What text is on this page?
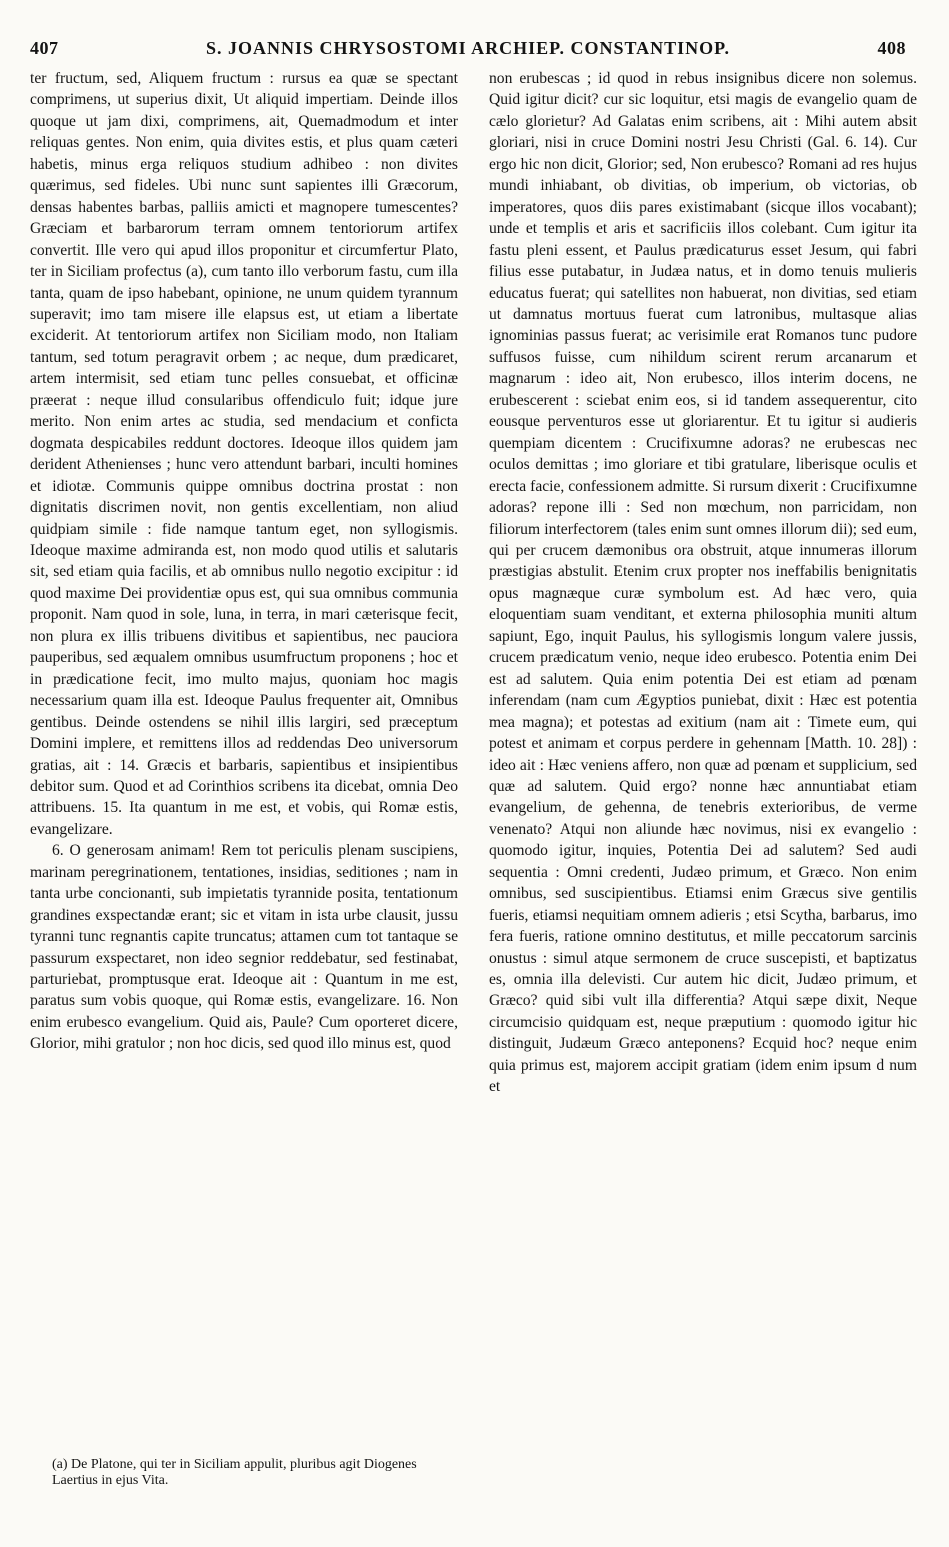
407	S. JOANNIS CHRYSOSTOMI ARCHIEP. CONSTANTINOP.	408

ter fructum, sed, Aliquem fructum : rursus ea quæ se spectant comprimens, ut superius dixit, Ut aliquid impertiam. Deinde illos quoque ut jam dixi, comprimens, ait, Quemadmodum et inter reliquas gentes. Non enim, quia divites estis, et plus quam cæteri habetis, minus erga reliquos studium adhibeo : non divites quærimus, sed fideles. Ubi nunc sunt sapientes illi Græcorum, densas habentes barbas, palliis amicti et magnopere tumescentes? Græciam et barbarorum terram omnem tentoriorum artifex convertit. Ille vero qui apud illos proponitur et circumfertur Plato, ter in Siciliam profectus (a), cum tanto illo verborum fastu, cum illa tanta, quam de ipso habebant, opinione, ne unum quidem tyrannum superavit; imo tam misere ille elapsus est, ut etiam a libertate exciderit. At tentoriorum artifex non Siciliam modo, non Italiam tantum, sed totum peragravit orbem ; ac neque, dum prædicaret, artem intermisit, sed etiam tunc pelles consuebat, et officinæ præerat : neque illud consularibus offendiculo fuit; idque jure merito. Non enim artes ac studia, sed mendacium et conficta dogmata despicabiles reddunt doctores. Ideoque illos quidem jam derident Athenienses ; hunc vero attendunt barbari, inculti homines et idiotæ. Communis quippe omnibus doctrina prostat : non dignitatis discrimen novit, non gentis excellentiam, non aliud quidpiam simile : fide namque tantum eget, non syllogismis. Ideoque maxime admiranda est, non modo quod utilis et salutaris sit, sed etiam quia facilis, et ab omnibus nullo negotio excipitur : id quod maxime Dei providentiæ opus est, qui sua omnibus communia proponit. Nam quod in sole, luna, in terra, in mari cæterisque fecit, non plura ex illis tribuens divitibus et sapientibus, nec pauciora pauperibus, sed æqualem omnibus usumfructum proponens ; hoc et in prædicatione fecit, imo multo majus, quoniam hoc magis necessarium quam illa est. Ideoque Paulus frequenter ait, Omnibus gentibus. Deinde ostendens se nihil illis largiri, sed præceptum Domini implere, et remittens illos ad reddendas Deo universorum gratias, ait : 14. Græcis et barbaris, sapientibus et insipientibus debitor sum. Quod et ad Corinthios scribens ita dicebat, omnia Deo attribuens. 15. Ita quantum in me est, et vobis, qui Romæ estis, evangelizare.

6. O generosam animam! Rem tot periculis plenam suscipiens, marinam peregrinationem, tentationes, insidias, seditiones ; nam in tanta urbe concionanti, sub impietatis tyrannide posita, tentationum grandines exspectandæ erant; sic et vitam in ista urbe clausit, jussu tyranni tunc regnantis capite truncatus; attamen cum tot tantaque se passurum exspectaret, non ideo segnior reddebatur, sed festinabat, parturiebat, promptusque erat. Ideoque ait : Quantum in me est, paratus sum vobis quoque, qui Romæ estis, evangelizare. 16. Non enim erubesco evangelium. Quid ais, Paule? Cum oporteret dicere, Glorior, mihi gratulor ; non hoc dicis, sed quod illo minus est, quod

non erubescas ; id quod in rebus insignibus dicere non solemus. Quid igitur dicit? cur sic loquitur, etsi magis de evangelio quam de cælo glorietur? Ad Galatas enim scribens, ait : Mihi autem absit gloriari, nisi in cruce Domini nostri Jesu Christi (Gal. 6. 14). Cur ergo hic non dicit, Glorior; sed, Non erubesco? Romani ad res hujus mundi inhiabant, ob divitias, ob imperium, ob victorias, ob imperatores, quos diis pares existimabant (sicque illos vocabant); unde et templis et aris et sacrificiis illos colebant. Cum igitur ita fastu pleni essent, et Paulus prædicaturus esset Jesum, qui fabri filius esse putabatur, in Judæa natus, et in domo tenuis mulieris educatus fuerat; qui satellites non habuerat, non divitias, sed etiam ut damnatus mortuus fuerat cum latronibus, multasque alias ignominias passus fuerat; ac verisimile erat Romanos tunc pudore suffusos fuisse, cum nihildum scirent rerum arcanarum et magnarum : ideo ait, Non erubesco, illos interim docens, ne erubescerent : sciebat enim eos, si id tandem assequerentur, cito eousque perventuros esse ut gloriarentur. Et tu igitur si audieris quempiam dicentem : Crucifixumne adoras? ne erubescas nec oculos demittas ; imo gloriare et tibi gratulare, liberisque oculis et erecta facie, confessionem admitte. Si rursum dixerit : Crucifixumne adoras? repone illi : Sed non mœchum, non parricidam, non filiorum interfectorem (tales enim sunt omnes illorum dii); sed eum, qui per crucem dæmonibus ora obstruit, atque innumeras illorum præstigias abstulit. Etenim crux propter nos ineffabilis benignitatis opus magnæque curæ symbolum est. Ad hæc vero, quia eloquentiam suam venditant, et externa philosophia muniti altum sapiunt, Ego, inquit Paulus, his syllogismis longum valere jussis, crucem prædicatum venio, neque ideo erubesco. Potentia enim Dei est ad salutem. Quia enim potentia Dei est etiam ad pœnam inferendam (nam cum Ægyptios puniebat, dixit : Hæc est potentia mea magna); et potestas ad exitium (nam ait : Timete eum, qui potest et animam et corpus perdere in gehennam [Matth. 10. 28]) : ideo ait : Hæc veniens affero, non quæ ad pœnam et supplicium, sed quæ ad salutem. Quid ergo? nonne hæc annuntiabat etiam evangelium, de gehenna, de tenebris exterioribus, de verme venenato? Atqui non aliunde hæc novimus, nisi ex evangelio : quomodo igitur, inquies, Potentia Dei ad salutem? Sed audi sequentia : Omni credenti, Judæo primum, et Græco. Non enim omnibus, sed suscipientibus. Etiamsi enim Græcus sive gentilis fueris, etiamsi nequitiam omnem adieris ; etsi Scytha, barbarus, imo fera fueris, ratione omnino destitutus, et mille peccatorum sarcinis onustus : simul atque sermonem de cruce suscepisti, et baptizatus es, omnia illa delevisti. Cur autem hic dicit, Judæo primum, et Græco? quid sibi vult illa differentia? Atqui sæpe dixit, Neque circumcisio quidquam est, neque præputium : quomodo igitur hic distinguit, Judæum Græco anteponens? Ecquid hoc? neque enim quia primus est, majorem accipit gratiam (idem enim ipsum d num et

(a) De Platone, qui ter in Siciliam appulit, pluribus agit Diogenes Laertius in ejus Vita.
